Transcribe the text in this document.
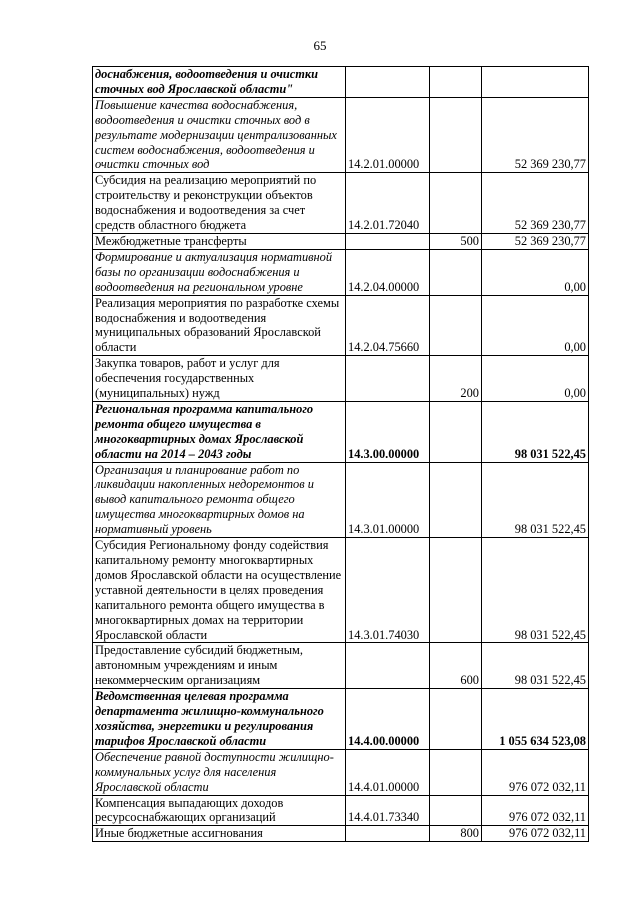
65
доснабжения, водоотведения и очистки сточных вод Ярославской области"			
Повышение качества водоснабжения, водоотведения и очистки сточных вод в результате модернизации централизованных систем водоснабжения, водоотведения и очистки сточных вод	14.2.01.00000		52 369 230,77
Субсидия на реализацию мероприятий по строительству и реконструкции объектов водоснабжения и водоотведения за счет средств областного бюджета	14.2.01.72040		52 369 230,77
Межбюджетные трансферты		500	52 369 230,77
Формирование и актуализация нормативной базы по организации водоснабжения и водоотведения на региональном уровне	14.2.04.00000		0,00
Реализация мероприятия по разработке схемы водоснабжения и водоотведения муниципальных образований Ярославской области	14.2.04.75660		0,00
Закупка товаров, работ и услуг для обеспечения государственных (муниципальных) нужд		200	0,00
Региональная программа капитального ремонта общего имущества в многоквартирных домах Ярославской области на 2014 – 2043 годы	14.3.00.00000		98 031 522,45
Организация и планирование работ по ликвидации накопленных недоремонтов и вывод капитального ремонта общего имущества многоквартирных домов на нормативный уровень	14.3.01.00000		98 031 522,45
Субсидия Региональному фонду содействия капитальному ремонту многоквартирных домов Ярославской области на осуществление уставной деятельности в целях проведения капитального ремонта общего имущества в многоквартирных домах на территории Ярославской области	14.3.01.74030		98 031 522,45
Предоставление субсидий бюджетным, автономным учреждениям и иным некоммерческим организациям		600	98 031 522,45
Ведомственная целевая программа департамента жилищно-коммунального хозяйства, энергетики и регулирования тарифов Ярославской области	14.4.00.00000		1 055 634 523,08
Обеспечение равной доступности жилищно-коммунальных услуг для населения Ярославской области	14.4.01.00000		976 072 032,11
Компенсация выпадающих доходов ресурсоснабжающих организаций	14.4.01.73340		976 072 032,11
Иные бюджетные ассигнования		800	976 072 032,11
